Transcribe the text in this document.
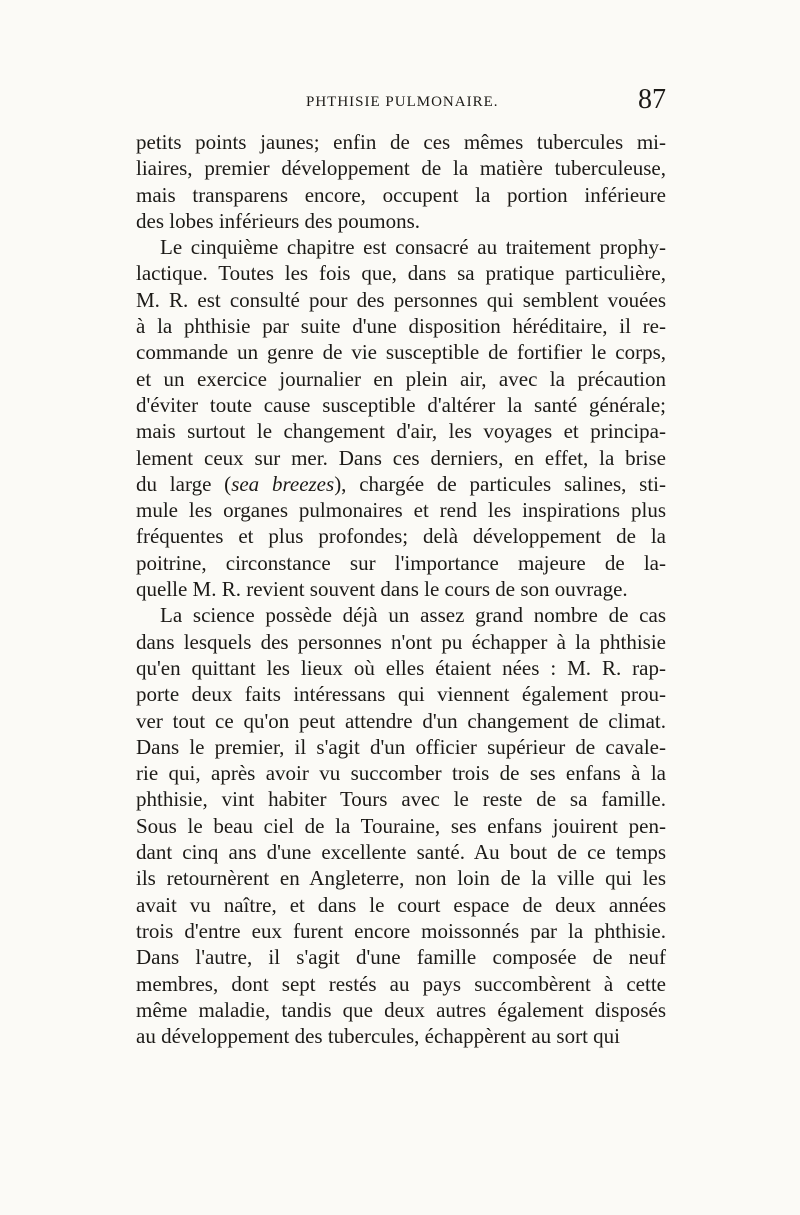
PHTHISIE PULMONAIRE.	87

petits points jaunes; enfin de ces mêmes tubercules mi-
liaires, premier développement de la matière tuberculeuse,
mais transparens encore, occupent la portion inférieure
des lobes inférieurs des poumons.

Le cinquième chapitre est consacré au traitement prophy-
lactique. Toutes les fois que, dans sa pratique particulière,
M. R. est consulté pour des personnes qui semblent vouées
à la phthisie par suite d'une disposition héréditaire, il re-
commande un genre de vie susceptible de fortifier le corps,
et un exercice journalier en plein air, avec la précaution
d'éviter toute cause susceptible d'altérer la santé générale;
mais surtout le changement d'air, les voyages et principa-
lement ceux sur mer. Dans ces derniers, en effet, la brise
du large (sea breezes), chargée de particules salines, sti-
mule les organes pulmonaires et rend les inspirations plus
fréquentes et plus profondes; delà développement de la
poitrine, circonstance sur l'importance majeure de la-
quelle M. R. revient souvent dans le cours de son ouvrage.

La science possède déjà un assez grand nombre de cas
dans lesquels des personnes n'ont pu échapper à la phthisie
qu'en quittant les lieux où elles étaient nées : M. R. rap-
porte deux faits intéressans qui viennent également prou-
ver tout ce qu'on peut attendre d'un changement de climat.
Dans le premier, il s'agit d'un officier supérieur de cavale-
rie qui, après avoir vu succomber trois de ses enfans à la
phthisie, vint habiter Tours avec le reste de sa famille.
Sous le beau ciel de la Touraine, ses enfans jouirent pen-
dant cinq ans d'une excellente santé. Au bout de ce temps
ils retournèrent en Angleterre, non loin de la ville qui les
avait vu naître, et dans le court espace de deux années
trois d'entre eux furent encore moissonnés par la phthisie.
Dans l'autre, il s'agit d'une famille composée de neuf
membres, dont sept restés au pays succombèrent à cette
même maladie, tandis que deux autres également disposés
au développement des tubercules, échappèrent au sort qui
